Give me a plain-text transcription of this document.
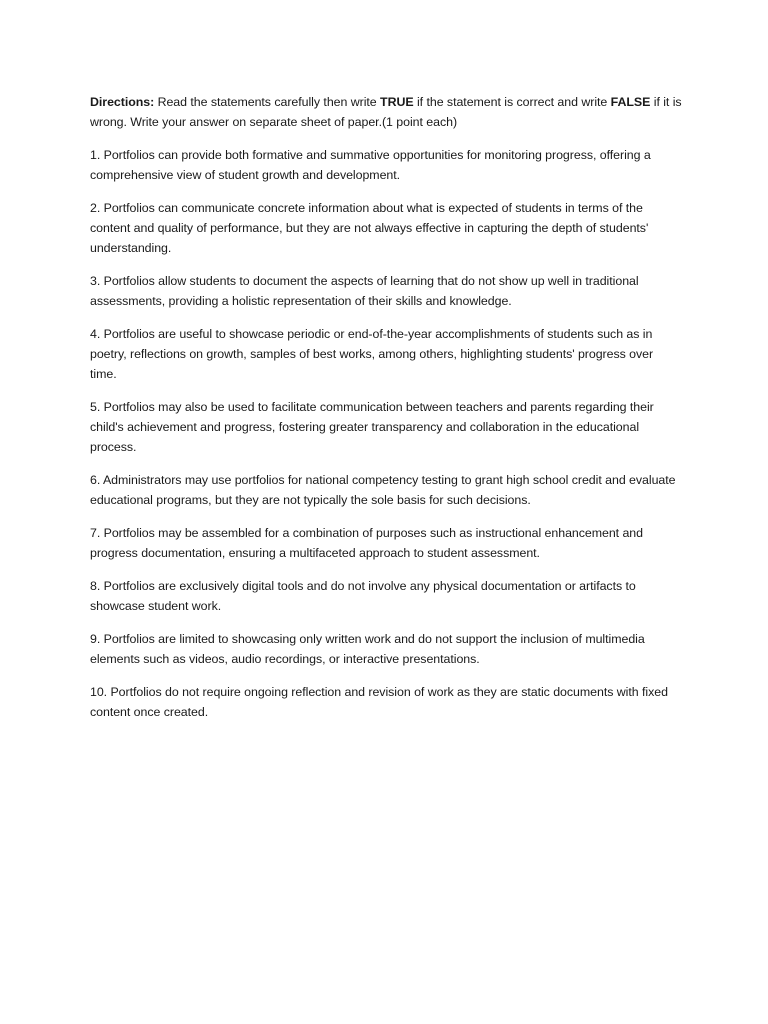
Directions: Read the statements carefully then write TRUE if the statement is correct and write FALSE if it is wrong. Write your answer on separate sheet of paper.(1 point each)

1. Portfolios can provide both formative and summative opportunities for monitoring progress, offering a comprehensive view of student growth and development.

2. Portfolios can communicate concrete information about what is expected of students in terms of the content and quality of performance, but they are not always effective in capturing the depth of students' understanding.

3. Portfolios allow students to document the aspects of learning that do not show up well in traditional assessments, providing a holistic representation of their skills and knowledge.

4. Portfolios are useful to showcase periodic or end-of-the-year accomplishments of students such as in poetry, reflections on growth, samples of best works, among others, highlighting students' progress over time.

5. Portfolios may also be used to facilitate communication between teachers and parents regarding their child's achievement and progress, fostering greater transparency and collaboration in the educational process.

6. Administrators may use portfolios for national competency testing to grant high school credit and evaluate educational programs, but they are not typically the sole basis for such decisions.

7. Portfolios may be assembled for a combination of purposes such as instructional enhancement and progress documentation, ensuring a multifaceted approach to student assessment.

8. Portfolios are exclusively digital tools and do not involve any physical documentation or artifacts to showcase student work.

9. Portfolios are limited to showcasing only written work and do not support the inclusion of multimedia elements such as videos, audio recordings, or interactive presentations.

10. Portfolios do not require ongoing reflection and revision of work as they are static documents with fixed content once created.
